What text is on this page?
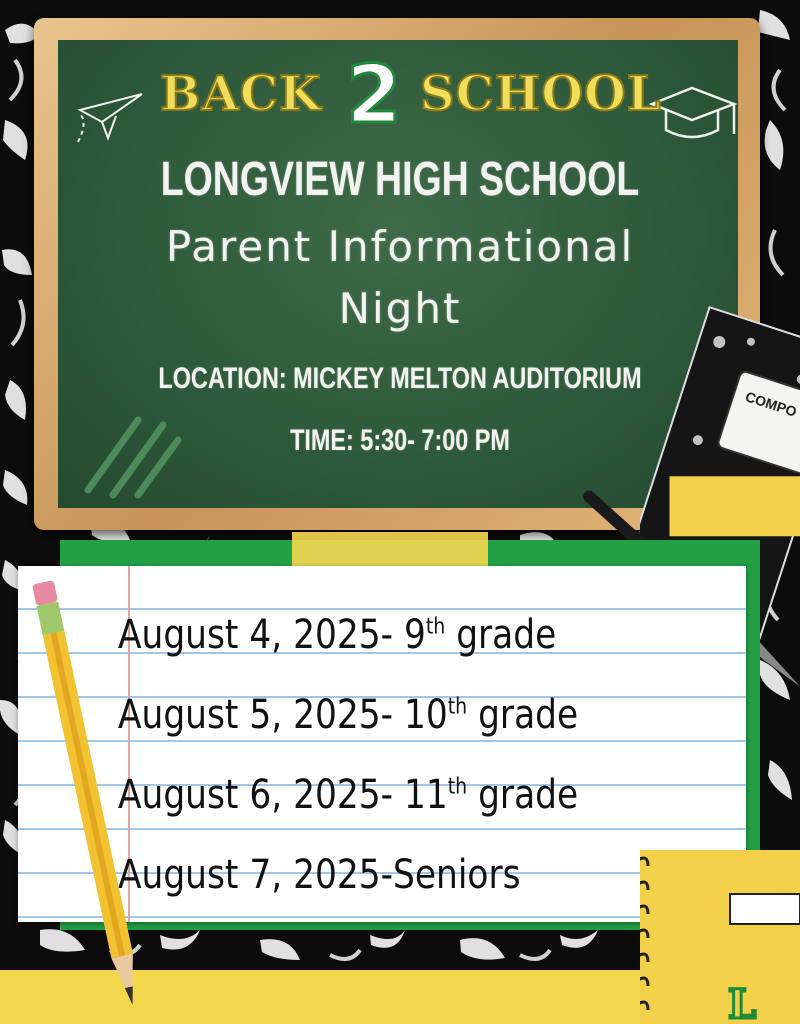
BACK 2 SCHOOL
LONGVIEW HIGH SCHOOL
Parent Informational
Night
LOCATION: MICKEY MELTON AUDITORIUM
TIME: 5:30- 7:00 PM
COMPO
August 4, 2025- 9th grade
August 5, 2025- 10th grade
August 6, 2025- 11th grade
August 7, 2025-Seniors
L
